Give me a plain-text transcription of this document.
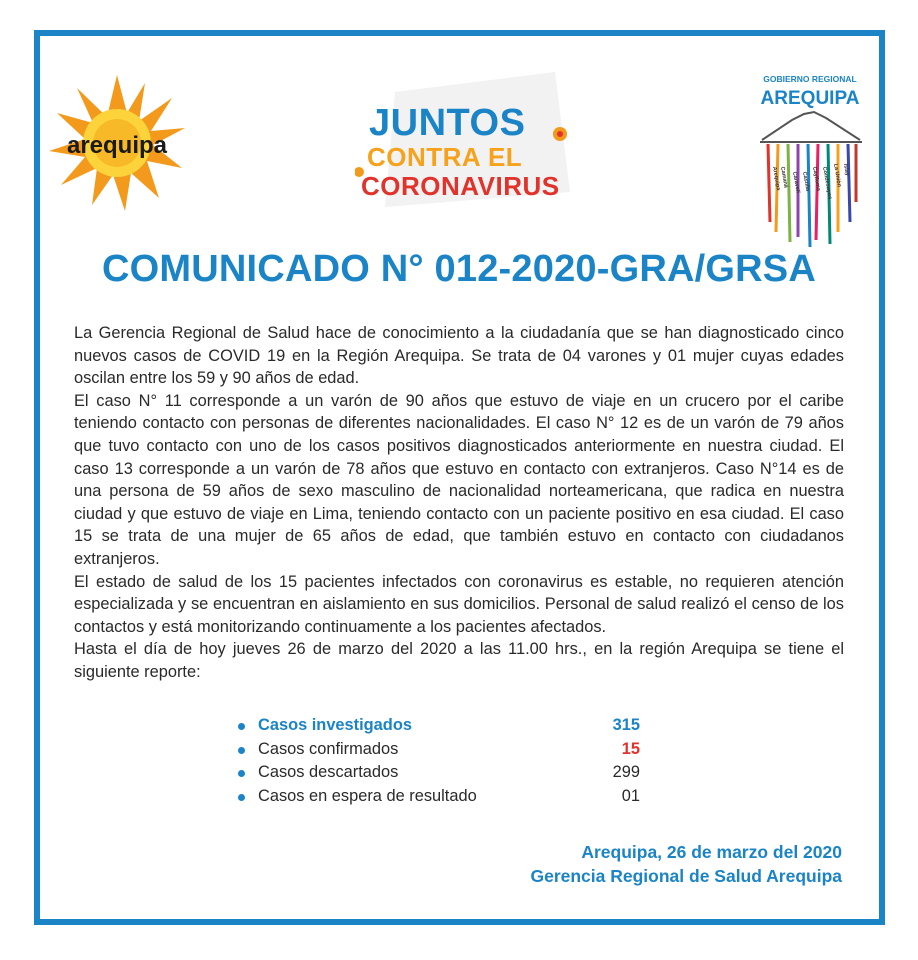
arequipa
JUNTOS
CONTRA EL
CORONAVIRUS
GOBIERNO REGIONAL
AREQUIPA
Arequipa
Camaná Caravelí Castilla Caylloma Condesuyos La Unión Islay
COMUNICADO N° 012-2020-GRA/GRSA

La Gerencia Regional de Salud hace de conocimiento a la ciudadanía que se han diagnosticado cinco nuevos casos de COVID 19 en la Región Arequipa. Se trata de 04 varones y 01 mujer cuyas edades oscilan entre los 59 y 90 años de edad.

El caso N° 11 corresponde a un varón de 90 años que estuvo de viaje en un crucero por el caribe teniendo contacto con personas de diferentes nacionalidades. El caso N° 12 es de un varón de 79 años que tuvo contacto con uno de los casos positivos diagnosticados anteriormente en nuestra ciudad. El caso 13 corresponde a un varón de 78 años que estuvo en contacto con extranjeros. Caso N°14 es de una persona de 59 años de sexo masculino de nacionalidad norteamericana, que radica en nuestra ciudad y que estuvo de viaje en Lima, teniendo contacto con un paciente positivo en esa ciudad. El caso 15 se trata de una mujer de 65 años de edad, que también estuvo en contacto con ciudadanos extranjeros.

El estado de salud de los 15 pacientes infectados con coronavirus es estable, no requieren atención especializada y se encuentran en aislamiento en sus domicilios. Personal de salud realizó el censo de los contactos y está monitorizando continuamente a los pacientes afectados.

Hasta el día de hoy jueves 26 de marzo del 2020 a las 11.00 hrs., en la región Arequipa se tiene el siguiente reporte:

Casos investigados	315
Casos confirmados	15
Casos descartados	299
Casos en espera de resultado	01
Arequipa, 26 de marzo del 2020
Gerencia Regional de Salud Arequipa
